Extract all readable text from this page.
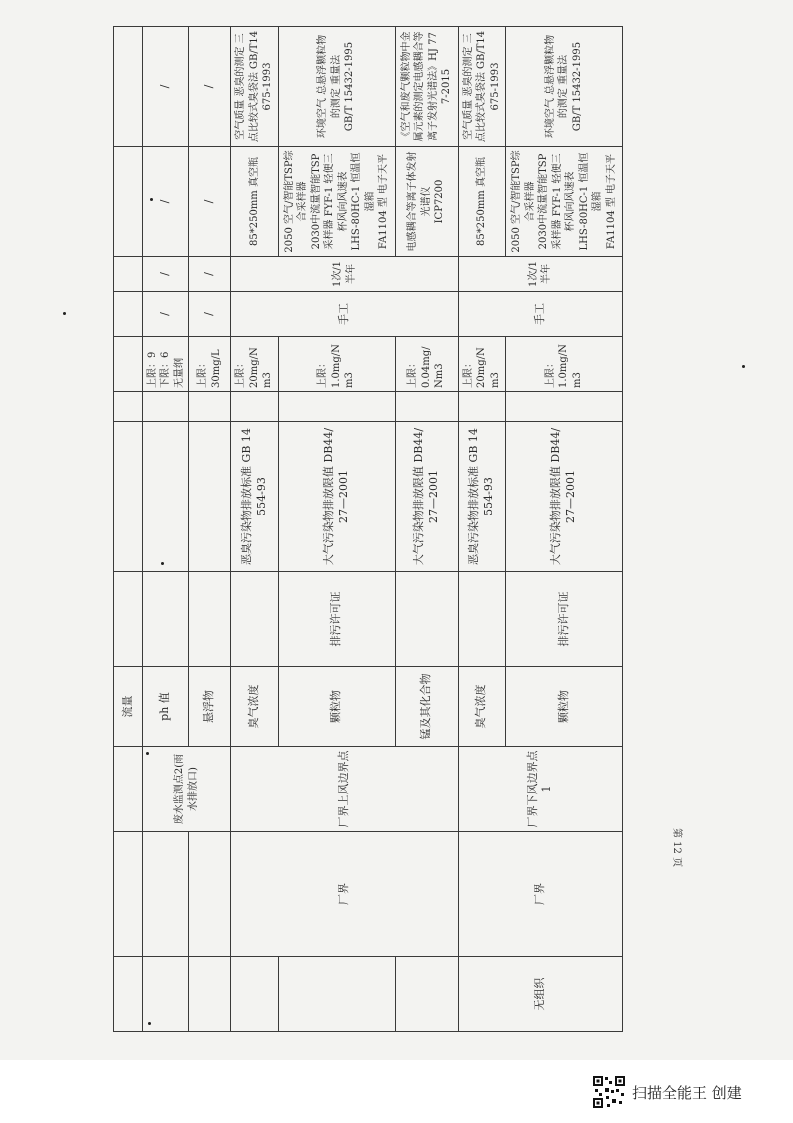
			流量								
		废水监测点2(雨水排放口)	ph 值				上限：9
下限：6
无量纲	/	/	/	/
			悬浮物				上限：
30mg/L	/	/	/	/
	厂界	厂界上风边界点	臭气浓度		恶臭污染物排放标准 GB 14554-93		上限：
20mg/Nm3	手工	1次/1半年	85*250mm 真空瓶	空气质量 恶臭的测定 三点比较式臭袋法 GB/T14675-1993
			颗粒物	排污许可证	大气污染物排放限值 DB44/ 27—2001		上限：
1.0mg/Nm3			2050 空气/智能TSP综合采样器
2030中流量智能TSP采样器 FYF-1 轻便三杯风向风速表
LHS-80HC-1 恒温恒湿箱
FA1104 型 电子天平	环境空气 总悬浮颗粒物的测定 重量法
GB/T 15432-1995
			锰及其化合物		大气污染物排放限值 DB44/ 27—2001		上限：
0.04mg/Nm3			电感耦合等离子体发射光谱仪
ICP7200	《空气和废气颗粒物中金属元素的测定电感耦合等离子发射光谱法》HJ 777-2015
无组织	厂界	厂界下风边界点1	臭气浓度		恶臭污染物排放标准 GB 14554-93		上限：
20mg/Nm3	手工	1次/1半年	85*250mm 真空瓶	空气质量 恶臭的测定 三点比较式臭袋法 GB/T14675-1993
			颗粒物	排污许可证	大气污染物排放限值 DB44/ 27—2001		上限：
1.0mg/Nm3			2050 空气/智能TSP综合采样器
2030中流量智能TSP采样器 FYF-1 轻便三杯风向风速表
LHS-80HC-1 恒温恒湿箱
FA1104 型 电子天平	环境空气 总悬浮颗粒物的测定 重量法
GB/T 15432-1995
第 12 页
扫描全能王 创建
